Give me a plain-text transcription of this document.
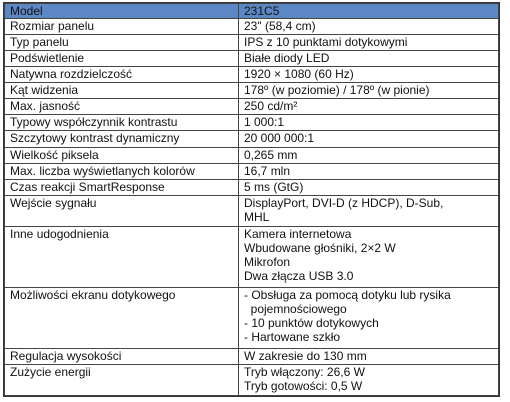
Model	231C5
Rozmiar panelu	23" (58,4 cm)

Typ panelu	IPS z 10 punktami dotykowymi

Podświetlenie	Białe diody LED

Natywna rozdzielczość	1920 × 1080 (60 Hz)

Kąt widzenia	178º (w poziomie) / 178º (w pionie)

Max. jasność	250 cd/m²

Typowy współczynnik kontrastu	1 000:1

Szczytowy kontrast dynamiczny	20 000 000:1

Wielkość piksela	0,265 mm

Max. liczba wyświetlanych kolorów	16,7 mln

Czas reakcji SmartResponse	5 ms (GtG)

Wejście sygnału	DisplayPort, DVI-D (z HDCP), D-Sub,
MHL

Inne udogodnienia	Kamera internetowa
Wbudowane głośniki, 2×2 W
Mikrofon
Dwa złącza USB 3.0

Możliwości ekranu dotykowego	- Obsługa za pomocą dotyku lub rysika
pojemnościowego
- 10 punktów dotykowych
- Hartowane szkło

Regulacja wysokości	W zakresie do 130 mm

Zużycie energii	Tryb włączony: 26,6 W
Tryb gotowości: 0,5 W
